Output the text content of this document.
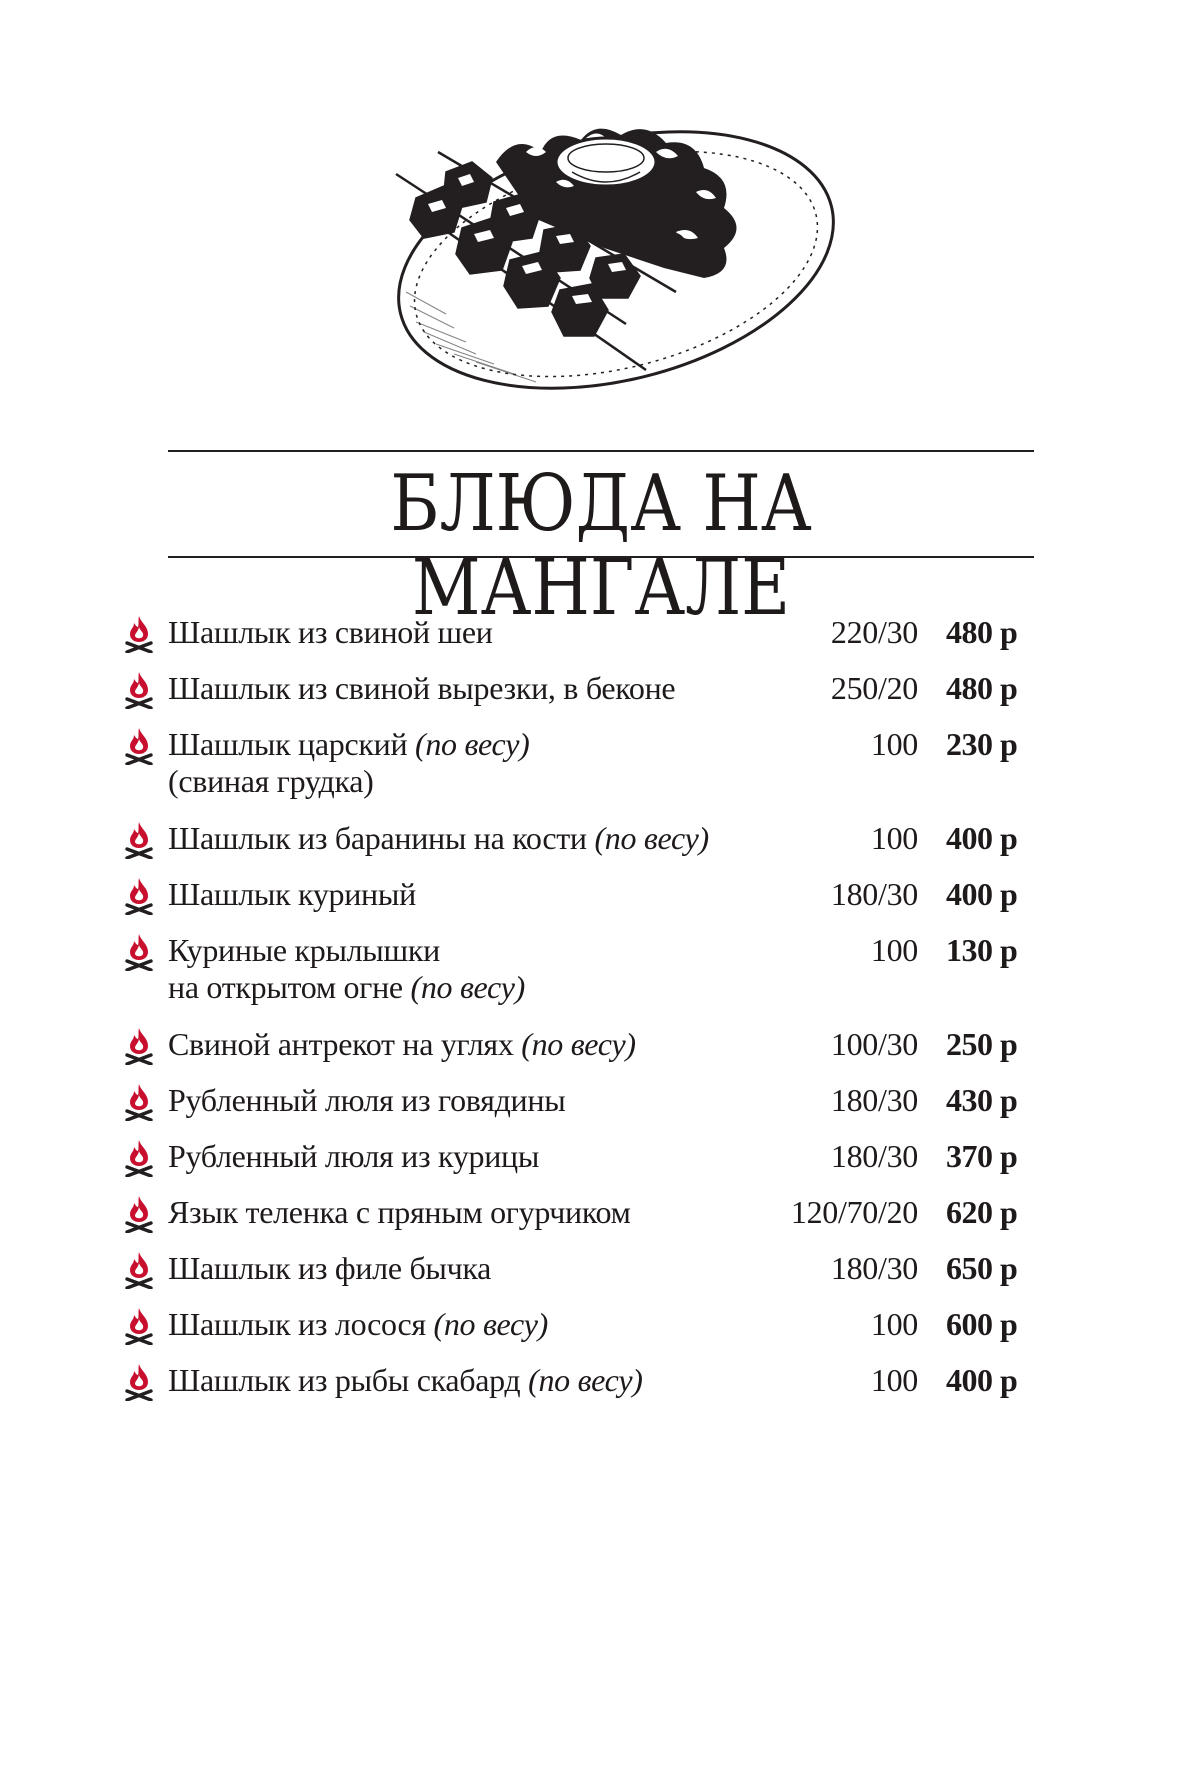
БЛЮДА НА МАНГАЛЕ
Шашлык из свиной шеи	220/30 480 р
Шашлык из свиной вырезки, в беконе	250/20 480 р
Шашлык царский (по весу)
(свиная грудка)
100 230 р
Шашлык из баранины на кости (по весу)	100 400 р
Шашлык куриный	180/30 400 р
Куриные крылышки
на открытом огне (по весу)
100 130 р
Свиной антрекот на углях (по весу)	100/30 250 р
Рубленный люля из говядины	180/30 430 р
Рубленный люля из курицы	180/30 370 р
Язык теленка с пряным огурчиком	120/70/20 620 р
Шашлык из филе бычка	180/30 650 р
Шашлык из лосося (по весу)	100 600 р
Шашлык из рыбы скабард (по весу)	100 400 р
